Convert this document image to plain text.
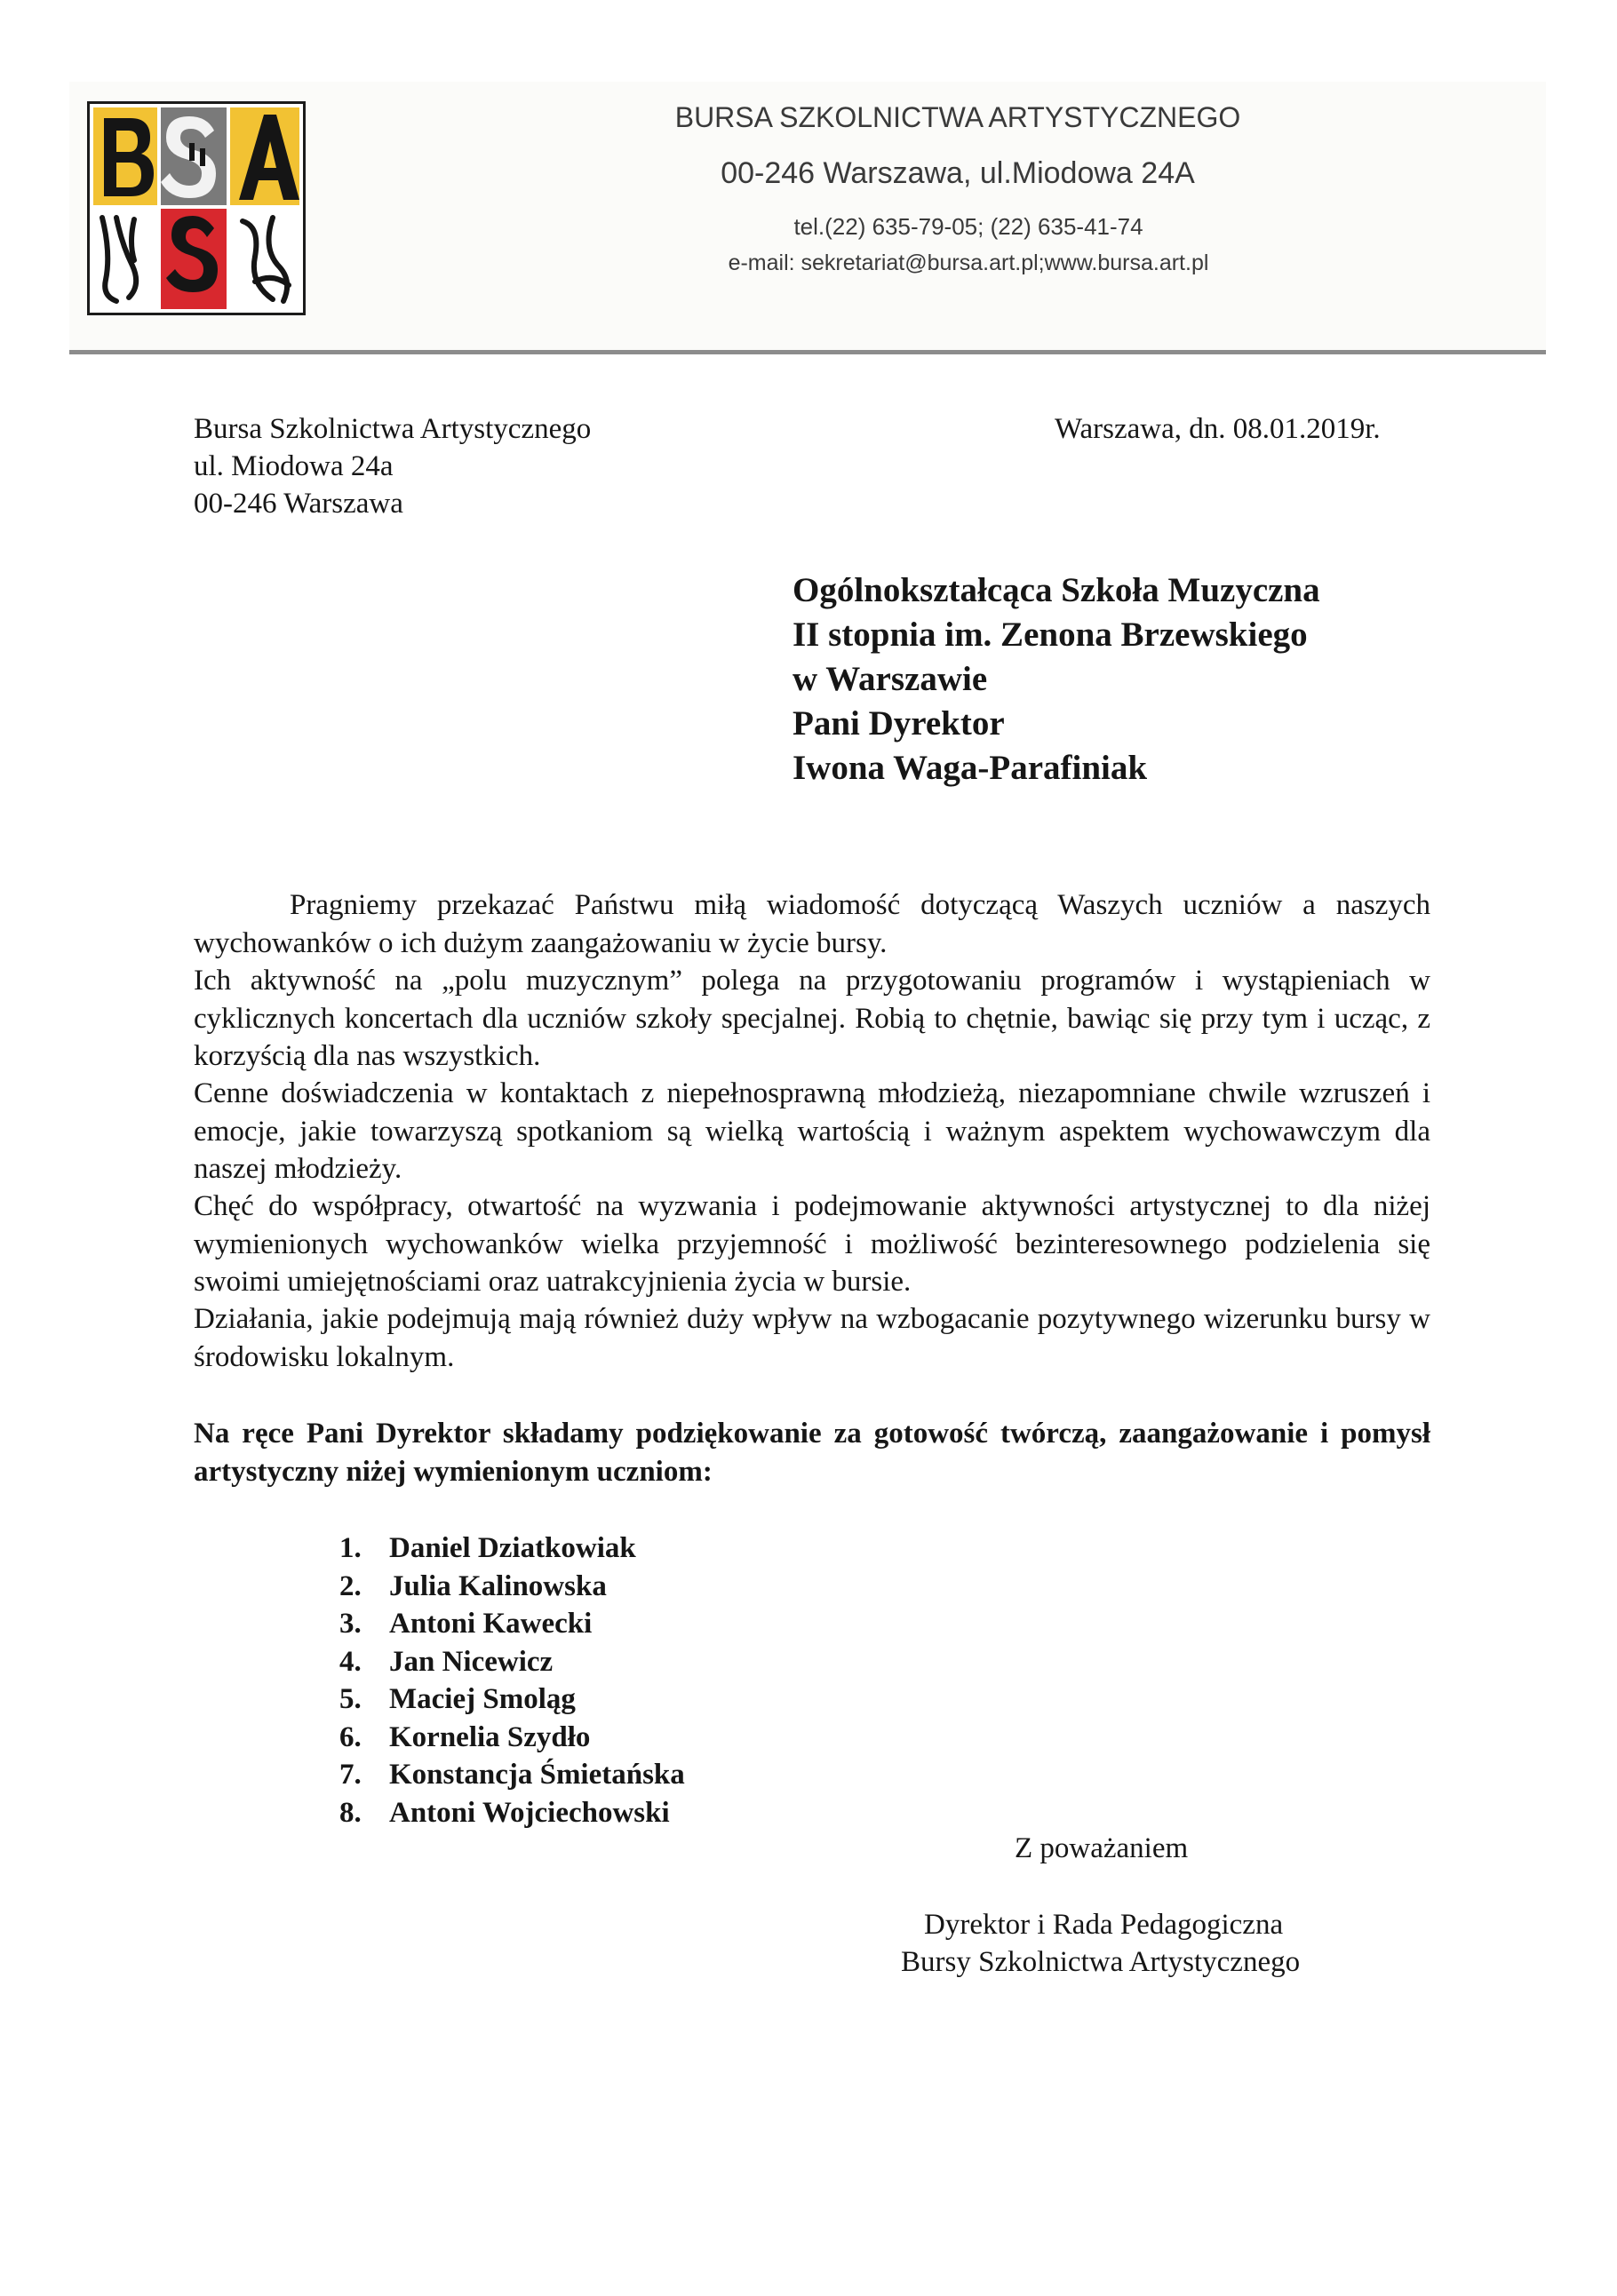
BURSA SZKOLNICTWA ARTYSTYCZNEGO
00-246 Warszawa, ul.Miodowa 24A
tel.(22) 635-79-05; (22) 635-41-74
e-mail: sekretariat@bursa.art.pl;www.bursa.art.pl
Bursa Szkolnictwa Artystycznego
ul. Miodowa 24a
00-246 Warszawa
Warszawa, dn. 08.01.2019r.
Ogólnokształcąca Szkoła Muzyczna
II stopnia im. Zenona Brzewskiego
w Warszawie
Pani Dyrektor
Iwona Waga-Parafiniak
Pragniemy przekazać Państwu miłą wiadomość dotyczącą Waszych uczniów a naszych wychowanków o ich dużym zaangażowaniu w życie bursy.
Ich aktywność na „polu muzycznym” polega na przygotowaniu programów i wystąpieniach w cyklicznych koncertach dla uczniów szkoły specjalnej. Robią to chętnie, bawiąc się przy tym i ucząc, z korzyścią dla nas wszystkich.
Cenne doświadczenia w kontaktach z niepełnosprawną młodzieżą, niezapomniane chwile wzruszeń i emocje, jakie towarzyszą spotkaniom są wielką wartością i ważnym aspektem wychowawczym dla naszej młodzieży.
Chęć do współpracy, otwartość na wyzwania i podejmowanie aktywności artystycznej to dla niżej wymienionych wychowanków wielka przyjemność i możliwość bezinteresownego podzielenia się swoimi umiejętnościami oraz uatrakcyjnienia życia w bursie.
Działania, jakie podejmują mają również duży wpływ na wzbogacanie pozytywnego wizerunku bursy w środowisku lokalnym.
Na ręce Pani Dyrektor składamy podziękowanie za gotowość twórczą, zaangażowanie i pomysł artystyczny niżej wymienionym uczniom:
1. Daniel Dziatkowiak
2. Julia Kalinowska
3. Antoni Kawecki
4. Jan Nicewicz
5. Maciej Smoląg
6. Kornelia Szydło
7. Konstancja Śmietańska
8. Antoni Wojciechowski
Z poważaniem
Dyrektor i Rada Pedagogiczna
Bursy Szkolnictwa Artystycznego
